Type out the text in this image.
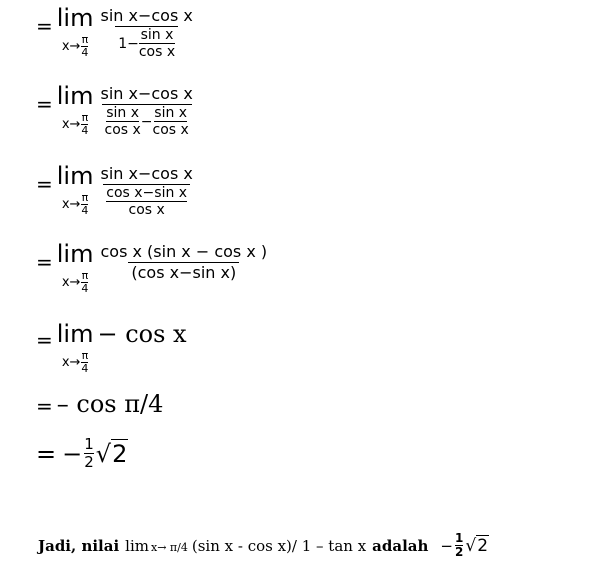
= lim
x→ π
$4 \frac{\text{sin x−cos x}}{1- \frac{\text{sin x}}{\text{cos x}}}$
= lim
x→ π
$4 \frac{\text{sin x−cos x}}{\frac{\text{sin x}}{\text{cos x}} - \frac{\text{sin x}}{\text{cos x}}}$
= lim
x→ π
$4 \frac{\text{sin x−cos x}}{\frac{\text{cos x−sin x}}{\text{cos x}}}$
= lim
x→ π
4
$\frac{\text{cos x (sin x − cos x )}}{\text{(cos x−sin x)}}$
= lim
x→ π
4
− cos x
= – cos π/4
= − $\frac{1}{2} √2$
Jadi, nilai lim x→ π/4 (sin x - cos x)/ 1 – tan x adalah − $\frac{1}{2} √2$
